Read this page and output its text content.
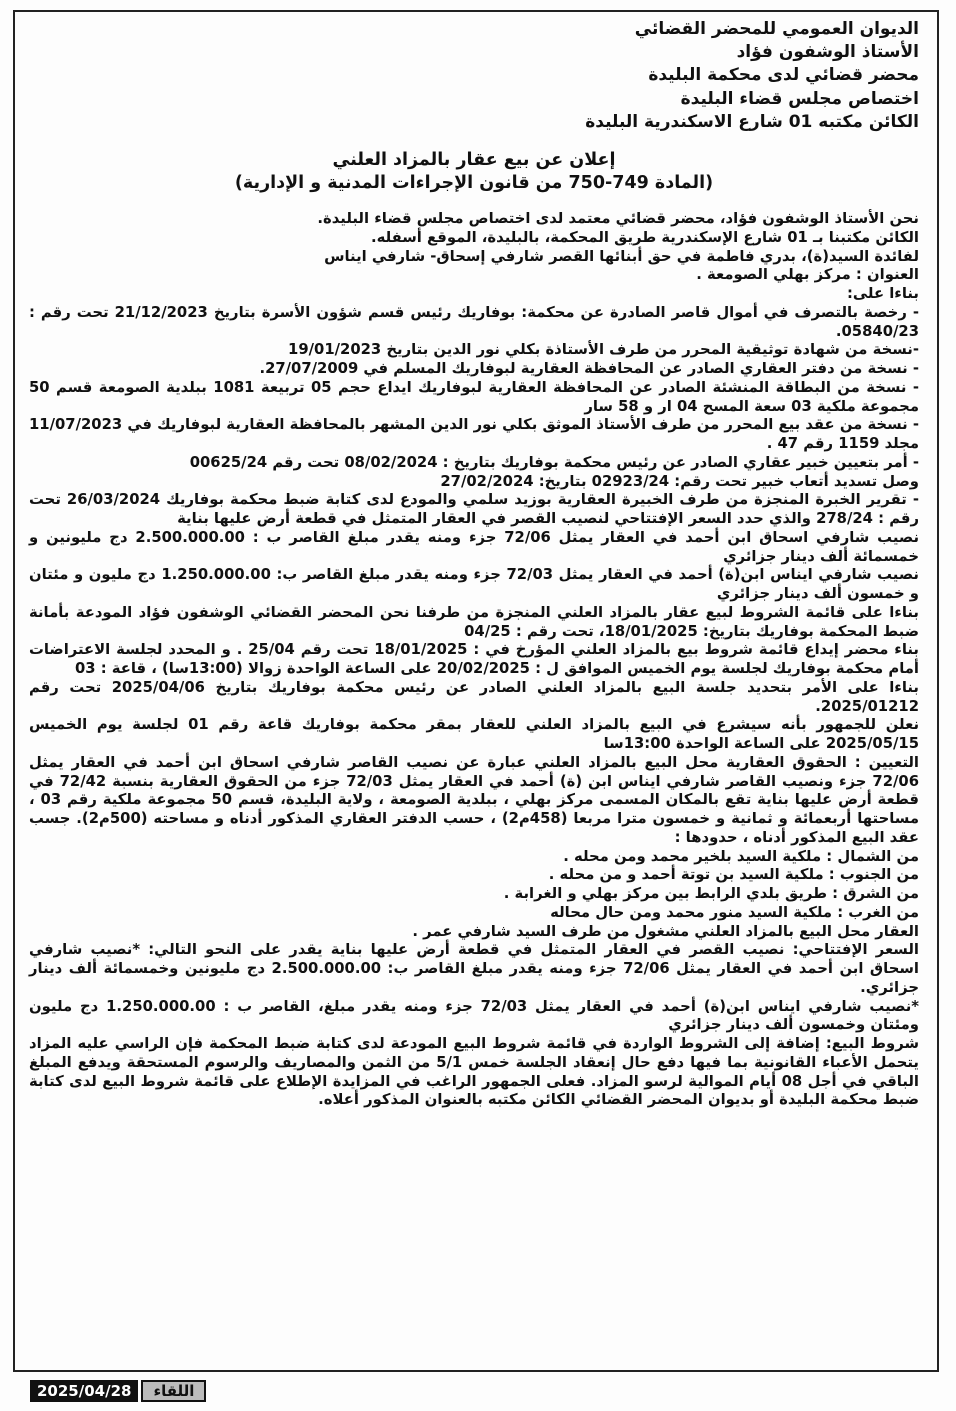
الديوان العمومي للمحضر القضائي
الأستاذ الوشفون فؤاد
محضر قضائي لدى محكمة البليدة
اختصاص مجلس قضاء البليدة
الكائن مكتبه 01 شارع الاسكندرية البليدة
إعلان عن بيع عقار بالمزاد العلني
(المادة 749-750 من قانون الإجراءات المدنية و الإدارية)
نحن الأستاذ الوشفون فؤاد، محضر قضائي معتمد لدى اختصاص مجلس قضاء البليدة.
الكائن مكتبنا بـ 01 شارع الإسكندرية طريق المحكمة، بالبليدة، الموقع أسفله.
لفائدة السيد(ة)، بدري فاطمة في حق أبنائها القصر شارفي إسحاق- شارفي ايناس
العنوان : مركز بهلي الصومعة .
بناءا على:
- رخصة بالتصرف في أموال قاصر الصادرة عن محكمة: بوفاريك رئيس قسم شؤون الأسرة بتاريخ 21/12/2023 تحت رقم : 05840/23.
-نسخة من شهادة توثيقية المحرر من طرف الأستاذة بكلي نور الدين بتاريخ 19/01/2023
- نسخة من دفتر العقاري الصادر عن المحافظة العقارية لبوفاريك المسلم في 27/07/2009.
- نسخة من البطاقة المنشئة الصادر عن المحافظة العقارية لبوفاريك ايداع حجم 05 تربيعة 1081 ببلدية الصومعة قسم 50 مجموعة ملكية 03 سعة المسح 04 ار و 58 سار
- نسخة من عقد بيع المحرر من طرف الأستاذ الموثق بكلي نور الدين المشهر بالمحافظة العقارية لبوفاريك في 11/07/2023 مجلد 1159 رقم 47 .
- أمر بتعيين خبير عقاري الصادر عن رئيس محكمة بوفاريك بتاريخ : 08/02/2024 تحت رقم 00625/24
وصل تسديد أتعاب خبير تحت رقم: 02923/24 بتاريخ: 27/02/2024
- تقرير الخبرة المنجزة من طرف الخبيرة العقارية بوزيد سلمي والمودع لدى كتابة ضبط محكمة بوفاريك 26/03/2024 تحت رقم : 278/24 والذي حدد السعر الإفتتاحي لنصيب القصر في العقار المتمثل في قطعة أرض عليها بناية
نصيب شارفي اسحاق ابن أحمد في العقار يمثل 72/06 جزء ومنه يقدر مبلغ القاصر ب : 2.500.000.00 دج مليونين و خمسمائة ألف دينار جزائري
نصيب شارفي ايناس ابن(ة) أحمد في العقار يمثل 72/03 جزء ومنه يقدر مبلغ القاصر ب: 1.250.000.00 دج مليون و مئتان و خمسون ألف دينار جزائري
بناءا على قائمة الشروط لبيع عقار بالمزاد العلني المنجزة من طرفنا نحن المحضر القضائي الوشفون فؤاد المودعة بأمانة ضبط المحكمة بوفاريك بتاريخ: 18/01/2025، تحت رقم : 04/25
بناء محضر إيداع قائمة شروط بيع بالمزاد العلني المؤرخ في : 18/01/2025 تحت رقم 25/04 . و المحدد لجلسة الاعتراضات أمام محكمة بوفاريك لجلسة يوم الخميس الموافق ل : 20/02/2025 على الساعة الواحدة زوالا (13:00سا) ، قاعة : 03
بناءا على الأمر بتحديد جلسة البيع بالمزاد العلني الصادر عن رئيس محكمة بوفاريك بتاريخ 2025/04/06 تحت رقم 2025/01212.
نعلن للجمهور بأنه سيشرع في البيع بالمزاد العلني للعقار بمقر محكمة بوفاريك قاعة رقم 01 لجلسة يوم الخميس 2025/05/15 على الساعة الواحدة 13:00سا
التعيين : الحقوق العقارية محل البيع بالمزاد العلني عبارة عن نصيب القاصر شارفي اسحاق ابن أحمد في العقار يمثل 72/06 جزء ونصيب القاصر شارفي ايناس ابن (ة) أحمد في العقار يمثل 72/03 جزء من الحقوق العقارية بنسبة 72/42 في قطعة أرض عليها بناية تقع بالمكان المسمى مركز بهلي ، ببلدية الصومعة ، ولاية البليدة، قسم 50 مجموعة ملكية رقم 03 ، مساحتها أربعمائة و ثمانية و خمسون مترا مربعا (458م2) ، حسب الدفتر العقاري المذكور أدناه و مساحته (500م2). جسب عقد البيع المذكور أدناه ، حدودها :
من الشمال : ملكية السيد بلخير محمد ومن محله .
من الجنوب : ملكية السيد بن توتة أحمد و من محله .
من الشرق : طريق بلدي الرابط بين مركز بهلي و الغرابة .
من الغرب : ملكية السيد منور محمد ومن حال محاله
العقار محل البيع بالمزاد العلني مشغول من طرف السيد شارفي عمر .
السعر الإفتتاحي: نصيب القصر في العقار المتمثل في قطعة أرض عليها بناية يقدر على النحو التالي: *نصيب شارفي اسحاق ابن أحمد في العقار يمثل 72/06 جزء ومنه يقدر مبلغ القاصر ب: 2.500.000.00 دج مليونين وخمسمائة ألف دينار جزائري.
*نصيب شارفي ايناس ابن(ة) أحمد في العقار يمثل 72/03 جزء ومنه يقدر مبلغ، القاصر ب : 1.250.000.00 دج مليون ومئتان وخمسون ألف دينار جزائري
شروط البيع: إضافة إلى الشروط الواردة في قائمة شروط البيع المودعة لدى كتابة ضبط المحكمة فإن الراسي عليه المزاد يتحمل الأعباء القانونية بما فيها دفع حال إنعقاد الجلسة خمس 5/1 من الثمن والمصاريف والرسوم المستحقة ويدفع المبلغ الباقي في أجل 08 أيام الموالية لرسو المزاد. فعلى الجمهور الراغب في المزايدة الإطلاع على قائمة شروط البيع لدى كتابة ضبط محكمة البليدة أو بديوان المحضر القضائي الكائن مكتبه بالعنوان المذكور أعلاه.
2025/04/28	اللقاء
